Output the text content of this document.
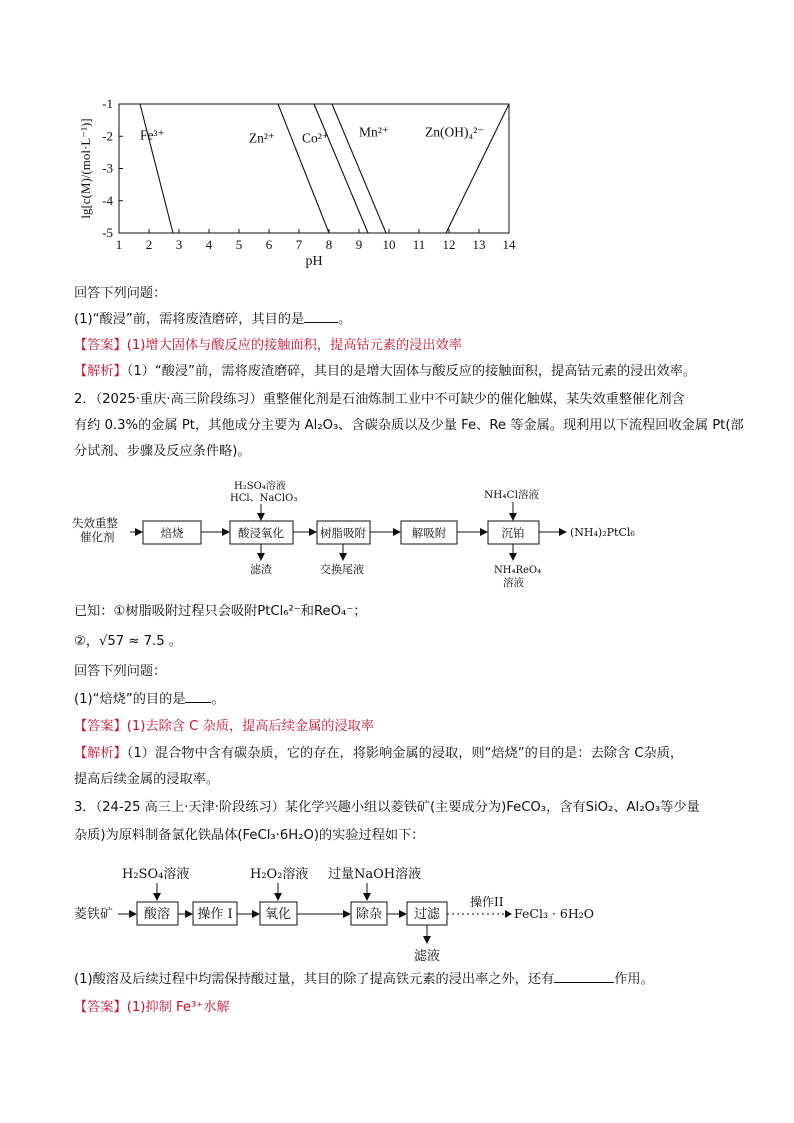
1 2 3 4 5 6 7 8 9 10 11 12 13 14
-1
-2
-3
-4
-5
pH
lg[c(M)/(mol·L⁻¹)]	Fe³⁺	Zn²⁺ Co²⁺ Mn²⁺	Zn(OH)₄²⁻
回答下列问题：
(1)“酸浸”前，需将废渣磨碎，其目的是	。
【答案】(1)增大固体与酸反应的接触面积，提高钴元素的浸出效率
【解析】（1）“酸浸”前，需将废渣磨碎，其目的是增大固体与酸反应的接触面积，提高钴元素的浸出效率。
2．（2025·重庆·高三阶段练习）重整催化剂是石油炼制工业中不可缺少的催化触媒，某失效重整催化剂含
有约 0.3%的金属 Pt，其他成分主要为 Al₂O₃、含碳杂质以及少量 Fe、Re 等金属。现利用以下流程回收金属 Pt(部
分试剂、步骤及反应条件略)。
失效重整
催化剂	焙烧	酸浸氧化	树脂吸附	解吸附	沉铂	(NH₄)₂PtCl₆
H₂SO₄溶液
HCl、NaClO₃	NH₄Cl溶液
滤渣	交换尾液	NH₄ReO₄
溶液
已知：①树脂吸附过程只会吸附PtCl₆²⁻和ReO₄⁻；
②，√57 ≈ 7.5 。
回答下列问题：
(1)“焙烧”的目的是 。
【答案】(1)去除含 C 杂质，提高后续金属的浸取率
【解析】（1）混合物中含有碳杂质，它的存在，将影响金属的浸取，则“焙烧”的目的是：去除含 C杂质，
提高后续金属的浸取率。
3．（24-25 高三上·天津·阶段练习）某化学兴趣小组以菱铁矿(主要成分为)FeCO₃，含有SiO₂、Al₂O₃等少量
杂质)为原料制备氯化铁晶体(FeCl₃·6H₂O)的实验过程如下：
H₂SO₄溶液	H₂O₂溶液 过量NaOH溶液
菱铁矿 酸溶 操作 I 氧化	除杂 过滤
操作II
FeCl₃ · 6H₂O
滤液
(1)酸溶及后续过程中均需保持酸过量，其目的除了提高铁元素的浸出率之外，还有	作用。
【答案】(1)抑制 Fe³⁺水解
